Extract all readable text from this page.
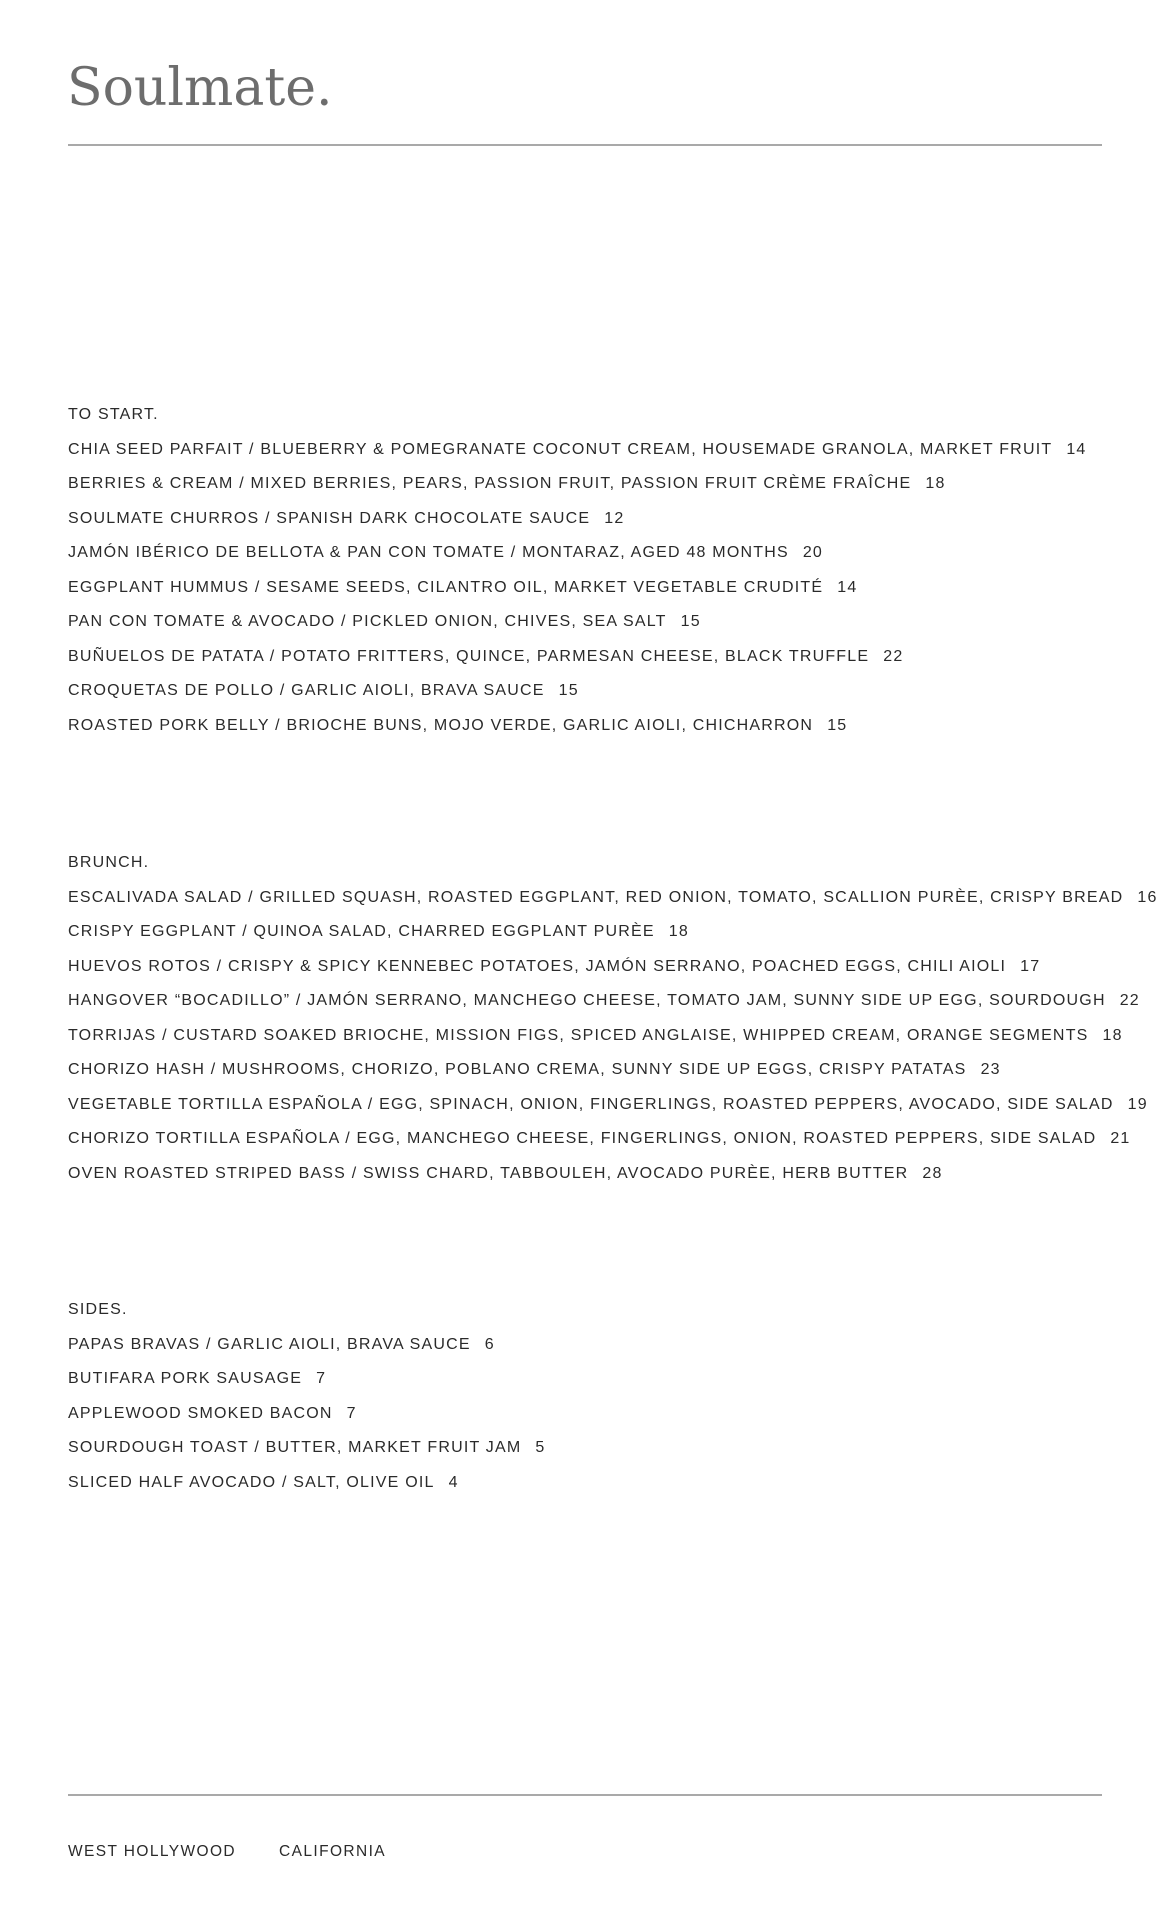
Soulmate.
TO START.
CHIA SEED PARFAIT / BLUEBERRY & POMEGRANATE COCONUT CREAM, HOUSEMADE GRANOLA, MARKET FRUIT 14
BERRIES & CREAM / MIXED BERRIES, PEARS, PASSION FRUIT, PASSION FRUIT CRÈME FRAÎCHE 18
SOULMATE CHURROS / SPANISH DARK CHOCOLATE SAUCE 12
JAMÓN IBÉRICO DE BELLOTA & PAN CON TOMATE / MONTARAZ, AGED 48 MONTHS 20
EGGPLANT HUMMUS / SESAME SEEDS, CILANTRO OIL, MARKET VEGETABLE CRUDITÉ 14
PAN CON TOMATE & AVOCADO / PICKLED ONION, CHIVES, SEA SALT 15
BUÑUELOS DE PATATA / POTATO FRITTERS, QUINCE, PARMESAN CHEESE, BLACK TRUFFLE 22
CROQUETAS DE POLLO / GARLIC AIOLI, BRAVA SAUCE 15
ROASTED PORK BELLY / BRIOCHE BUNS, MOJO VERDE, GARLIC AIOLI, CHICHARRON 15
BRUNCH.
ESCALIVADA SALAD / GRILLED SQUASH, ROASTED EGGPLANT, RED ONION, TOMATO, SCALLION PURÈE, CRISPY BREAD 16
CRISPY EGGPLANT / QUINOA SALAD, CHARRED EGGPLANT PURÈE 18
HUEVOS ROTOS / CRISPY & SPICY KENNEBEC POTATOES, JAMÓN SERRANO, POACHED EGGS, CHILI AIOLI 17
HANGOVER “BOCADILLO” / JAMÓN SERRANO, MANCHEGO CHEESE, TOMATO JAM, SUNNY SIDE UP EGG, SOURDOUGH 22
TORRIJAS / CUSTARD SOAKED BRIOCHE, MISSION FIGS, SPICED ANGLAISE, WHIPPED CREAM, ORANGE SEGMENTS 18
CHORIZO HASH / MUSHROOMS, CHORIZO, POBLANO CREMA, SUNNY SIDE UP EGGS, CRISPY PATATAS 23
VEGETABLE TORTILLA ESPAÑOLA / EGG, SPINACH, ONION, FINGERLINGS, ROASTED PEPPERS, AVOCADO, SIDE SALAD 19
CHORIZO TORTILLA ESPAÑOLA / EGG, MANCHEGO CHEESE, FINGERLINGS, ONION, ROASTED PEPPERS, SIDE SALAD 21
OVEN ROASTED STRIPED BASS / SWISS CHARD, TABBOULEH, AVOCADO PURÈE, HERB BUTTER 28
SIDES.
PAPAS BRAVAS / GARLIC AIOLI, BRAVA SAUCE 6
BUTIFARA PORK SAUSAGE 7
APPLEWOOD SMOKED BACON 7
SOURDOUGH TOAST / BUTTER, MARKET FRUIT JAM 5
SLICED HALF AVOCADO / SALT, OLIVE OIL 4
WEST HOLLYWOOD	CALIFORNIA
